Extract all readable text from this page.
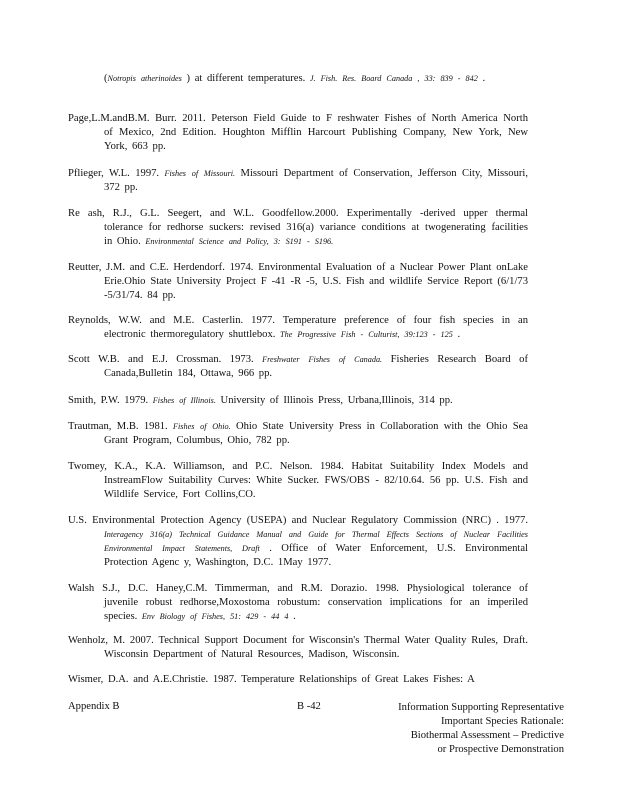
(Notropis atherinoides ) at different temperatures. J. Fish. Res. Board Canada , 33: 839 - 842 .
Page,L.M.andB.M. Burr. 2011. Peterson Field Guide to F reshwater Fishes of North America North of Mexico, 2nd Edition. Houghton Mifflin Harcourt Publishing Company, New York, New York, 663 pp.
Pflieger, W.L. 1997. Fishes of Missouri. Missouri Department of Conservation, Jefferson City, Missouri, 372 pp.
Re ash, R.J., G.L. Seegert, and W.L. Goodfellow.2000. Experimentally -derived upper thermal tolerance for redhorse suckers: revised 316(a) variance conditions at twogenerating facilities in Ohio. Environmental Science and Policy, 3: S191 - S196.
Reutter, J.M. and C.E. Herdendorf. 1974. Environmental Evaluation of a Nuclear Power Plant onLake Erie.Ohio State University Project F -41 -R -5, U.S. Fish and wildlife Service Report (6/1/73 -5/31/74. 84 pp.
Reynolds, W.W. and M.E. Casterlin. 1977. Temperature preference of four fish species in an electronic thermoregulatory shuttlebox. The Progressive Fish - Culturist, 39:123 - 125 .
Scott W.B. and E.J. Crossman. 1973. Freshwater Fishes of Canada. Fisheries Research Board of Canada,Bulletin 184, Ottawa, 966 pp.
Smith, P.W. 1979. Fishes of Illinois. University of Illinois Press, Urbana,Illinois, 314 pp.
Trautman, M.B. 1981. Fishes of Ohio. Ohio State University Press in Collaboration with the Ohio Sea Grant Program, Columbus, Ohio, 782 pp.
Twomey, K.A., K.A. Williamson, and P.C. Nelson. 1984. Habitat Suitability Index Models and InstreamFlow Suitability Curves: White Sucker. FWS/OBS - 82/10.64. 56 pp. U.S. Fish and Wildlife Service, Fort Collins,CO.
U.S. Environmental Protection Agency (USEPA) and Nuclear Regulatory Commission (NRC) . 1977. Interagency 316(a) Technical Guidance Manual and Guide for Thermal Effects Sections of Nuclear Facilities Environmental Impact Statements, Draft . Office of Water Enforcement, U.S. Environmental Protection Agenc y, Washington, D.C. 1May 1977.
Walsh S.J., D.C. Haney,C.M. Timmerman, and R.M. Dorazio. 1998. Physiological tolerance of juvenile robust redhorse,Moxostoma robustum: conservation implications for an imperiled species. Env Biology of Fishes, 51: 429 - 44 4 .
Wenholz, M. 2007. Technical Support Document for Wisconsin's Thermal Water Quality Rules, Draft. Wisconsin Department of Natural Resources, Madison, Wisconsin.
Wismer, D.A. and A.E.Christie. 1987. Temperature Relationships of Great Lakes Fishes: A
Appendix B	B -42	Information Supporting Representative
Important Species Rationale:
Biothermal Assessment – Predictive
or Prospective Demonstration
